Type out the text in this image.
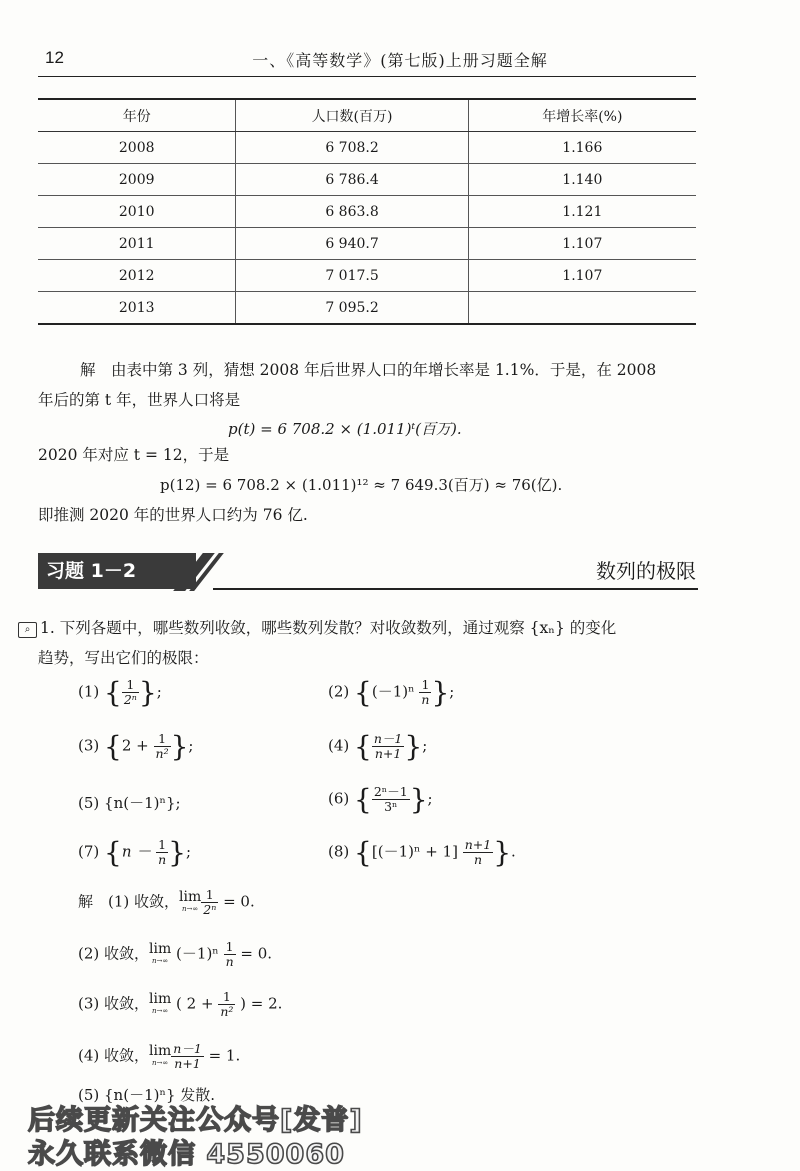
12	一、《高等数学》(第七版)上册习题全解
年份	人口数(百万)	年增长率(%)
2008	6 708.2	1.166
2009	6 786.4	1.140
2010	6 863.8	1.121
2011	6 940.7	1.107
2012	7 017.5	1.107
2013	7 095.2	
解　由表中第 3 列，猜想 2008 年后世界人口的年增长率是 1.1%．于是，在 2008
年后的第 t 年，世界人口将是
p(t) = 6 708.2 × (1.011)ᵗ(百万).
2020 年对应 t = 12，于是
p(12) = 6 708.2 × (1.011)¹² ≈ 7 649.3(百万) ≈ 76(亿).
即推测 2020 年的世界人口约为 76 亿.
习题 1－2	数列的极限
⌕ 1. 下列各题中，哪些数列收敛，哪些数列发散？对收敛数列，通过观察 {xₙ} 的变化
趋势，写出它们的极限：
(1) { $\frac{1}{\text{2ⁿ}}$ };	(2) {$(-1)^n \frac{1}{n}$ };
(3) {$2 + \frac{1}{\text{n²}}$ };	(4) { $\frac{n-1}{n+1}$ };
(5) {n(－1)ⁿ};	(6) { $\frac{\text{2ⁿ－1}}{\text{3ⁿ}}$ };
(7) {$n - \frac{1}{n}$ };	(8) {$[(-1)^n + 1] \frac{n+1}{n}$ }.
解　(1) 收敛， lim
$n\to\infty \frac{1}{\text{2ⁿ}} = 0$.
(2) 收敛， lim
n→∞ $(-1)^n \frac{1}{n} = 0$.
(3) 收敛， lim
n→∞ ( $2 + \frac{1}{\text{n²}}$ ) = 2.
(4) 收敛， lim
$n\to\infty \frac{n-1}{n+1} = 1$.
(5) {n(－1)ⁿ} 发散.
后续更新关注公众号[发普]
永久联系微信 4550060
